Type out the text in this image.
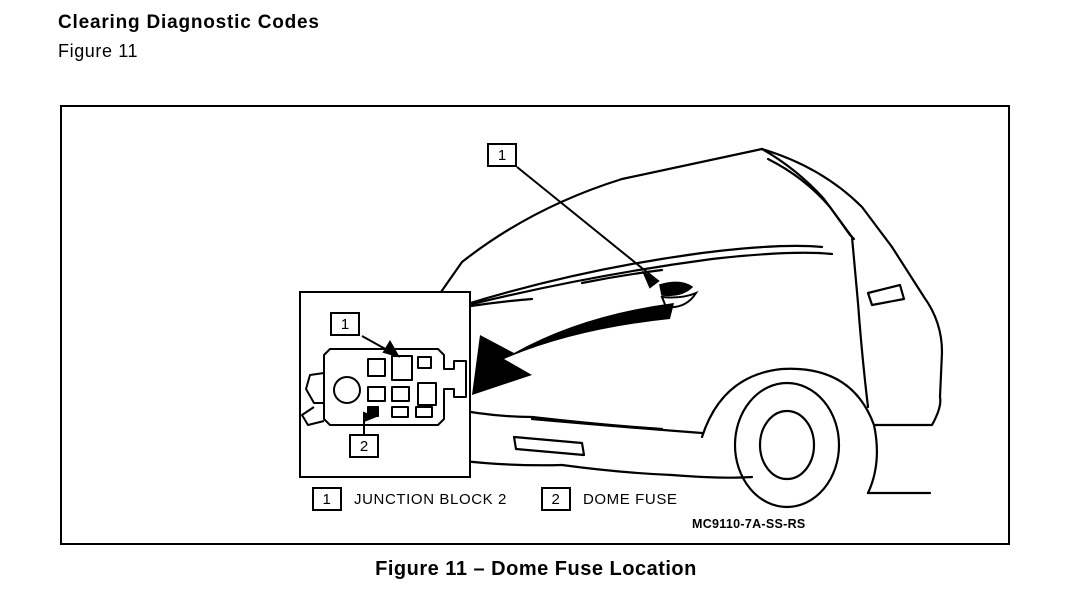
Clearing Diagnostic Codes
Figure 11
1
1
2
1	JUNCTION BLOCK 2	2	DOME FUSE
MC9110-7A-SS-RS
Figure 11 – Dome Fuse Location
